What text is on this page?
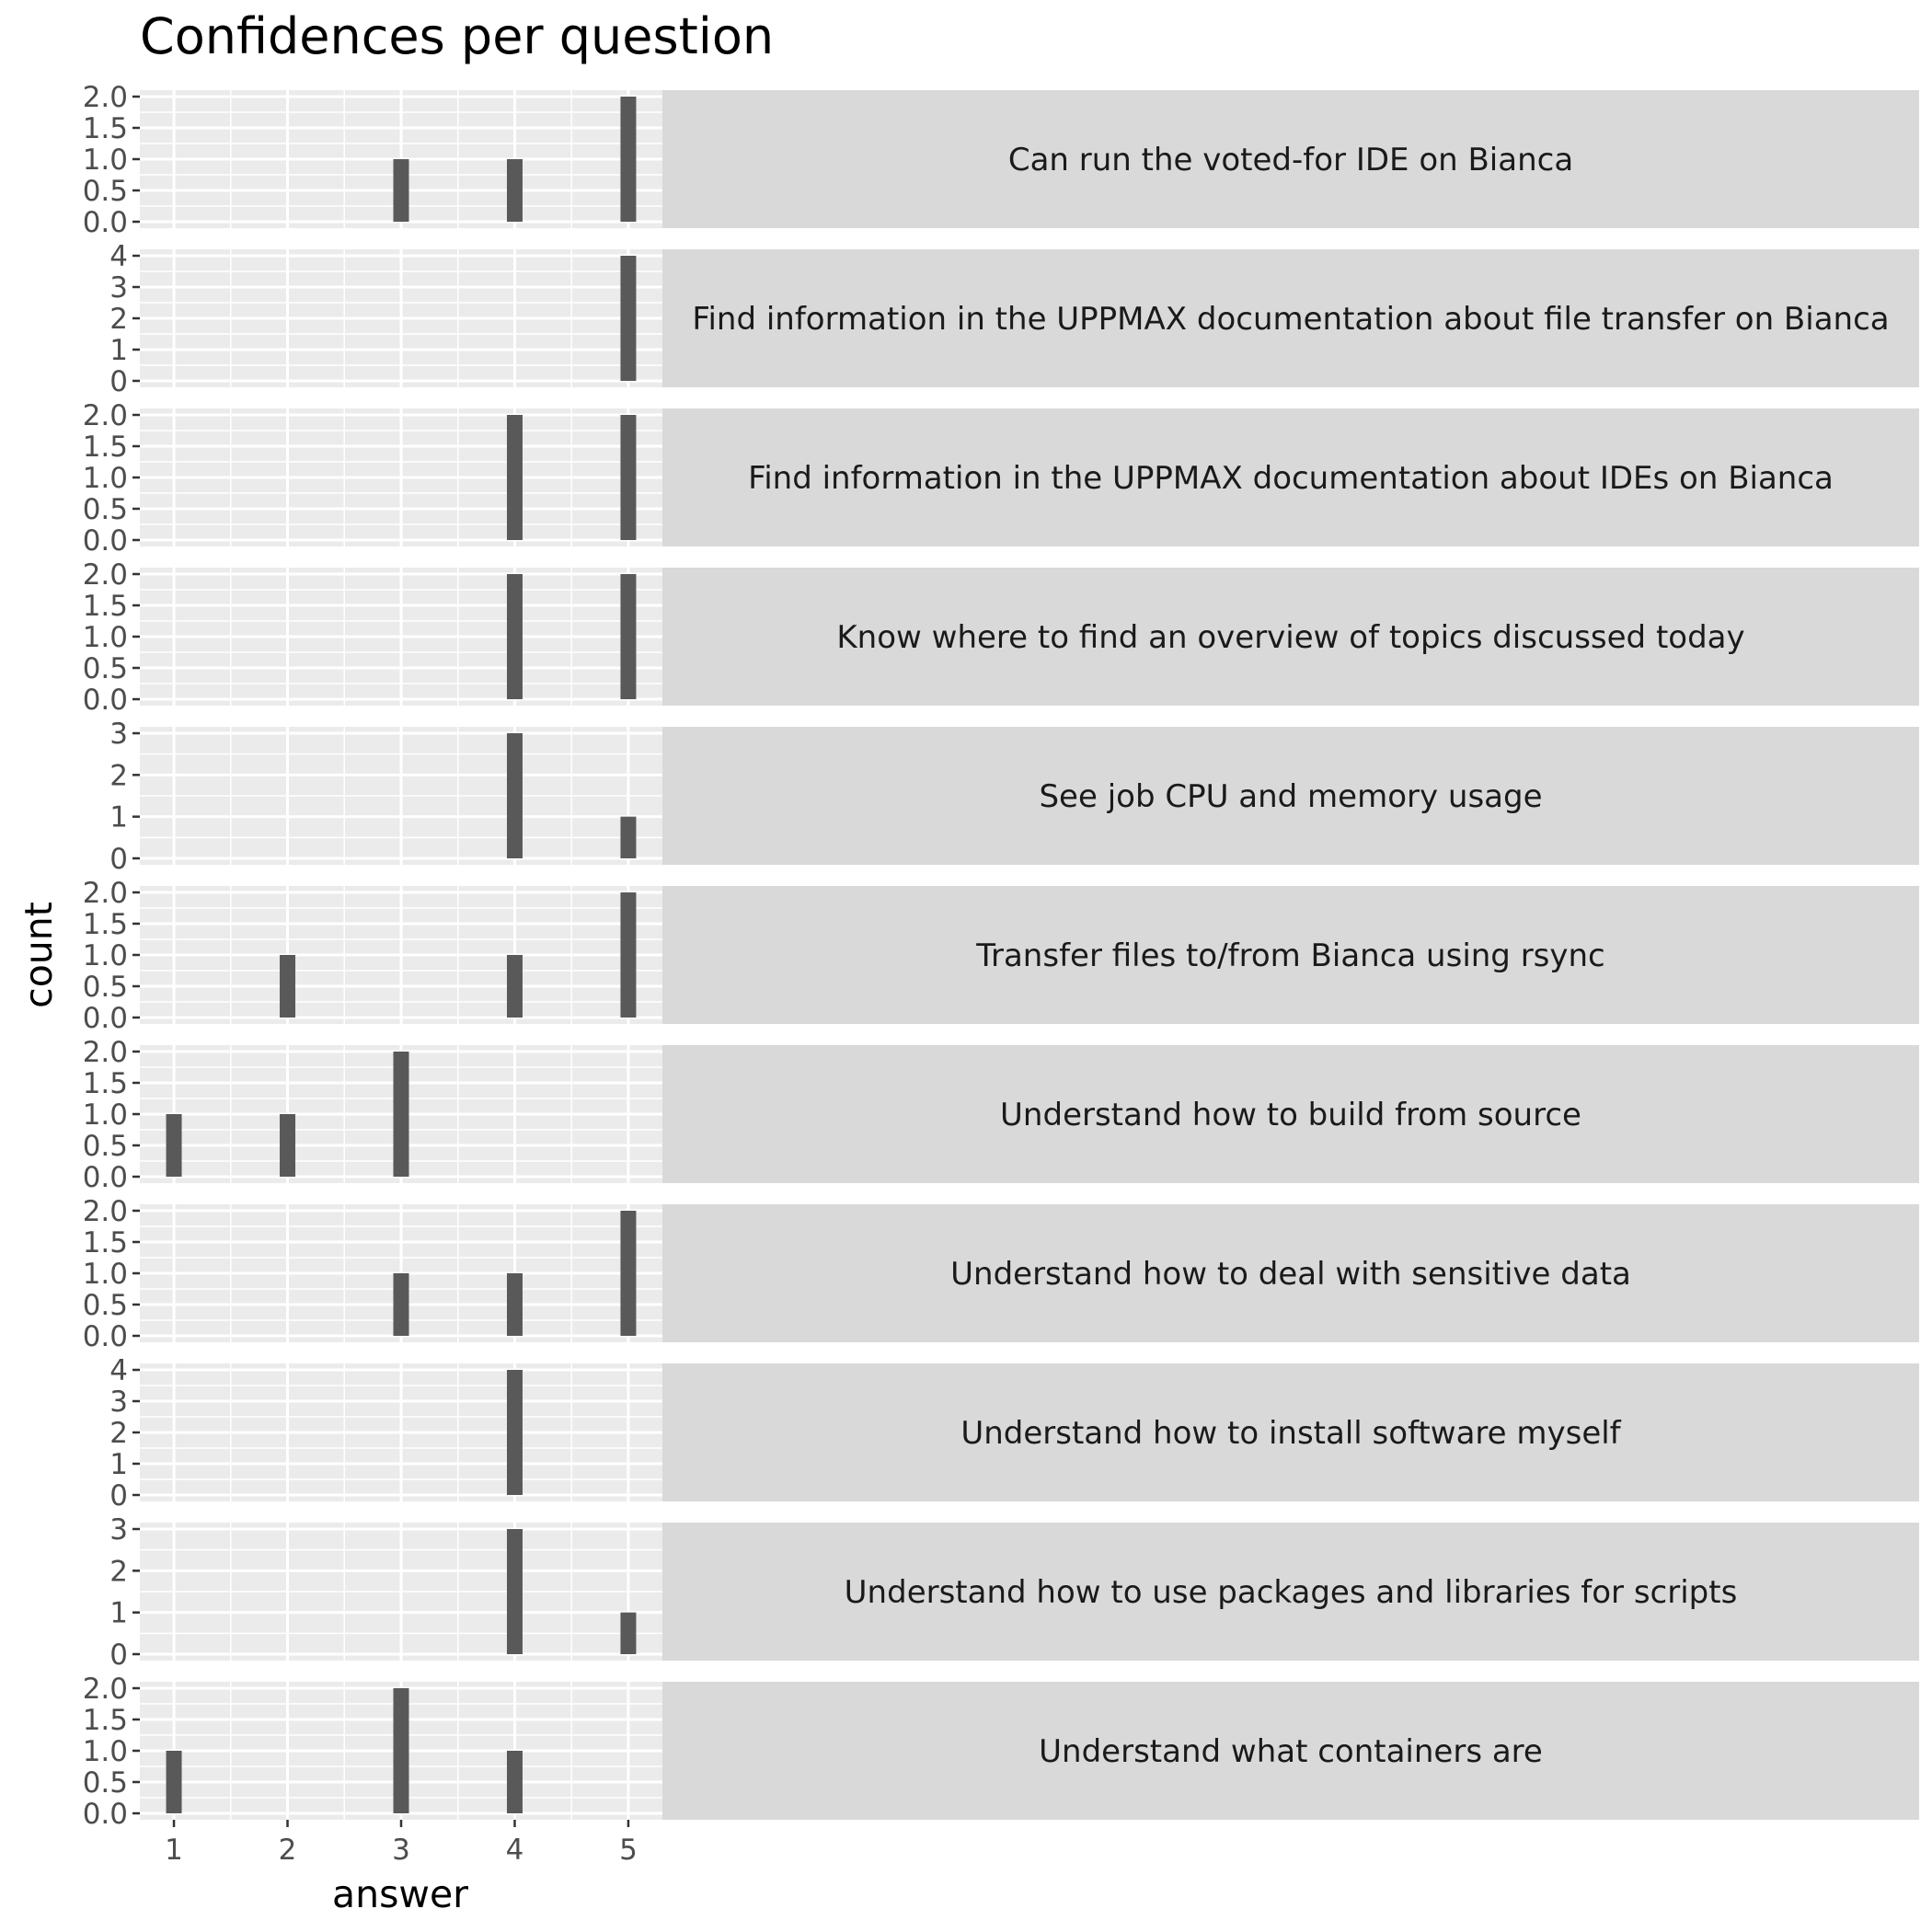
Confidences per question
0.0
0.5
1.0
1.5
2.0
Can run the voted-for IDE on Bianca
0
1
2
3
4
Find information in the UPPMAX documentation about file transfer on Bianca
0.0
0.5
1.0
1.5
2.0
Find information in the UPPMAX documentation about IDEs on Bianca
0.0
0.5
1.0
1.5
2.0
Know where to find an overview of topics discussed today
0
1
2
3
See job CPU and memory usage
0.0
0.5
1.0
1.5
2.0
Transfer files to/from Bianca using rsync
0.0
0.5
1.0
1.5
2.0
Understand how to build from source
0.0
0.5
1.0
1.5
2.0
Understand how to deal with sensitive data
0
1
2
3
4
Understand how to install software myself
0
1
2
3
Understand how to use packages and libraries for scripts
0.0
0.5
1.0
1.5
2.0
Understand what containers are
1	2	3	4	5
answer
count
